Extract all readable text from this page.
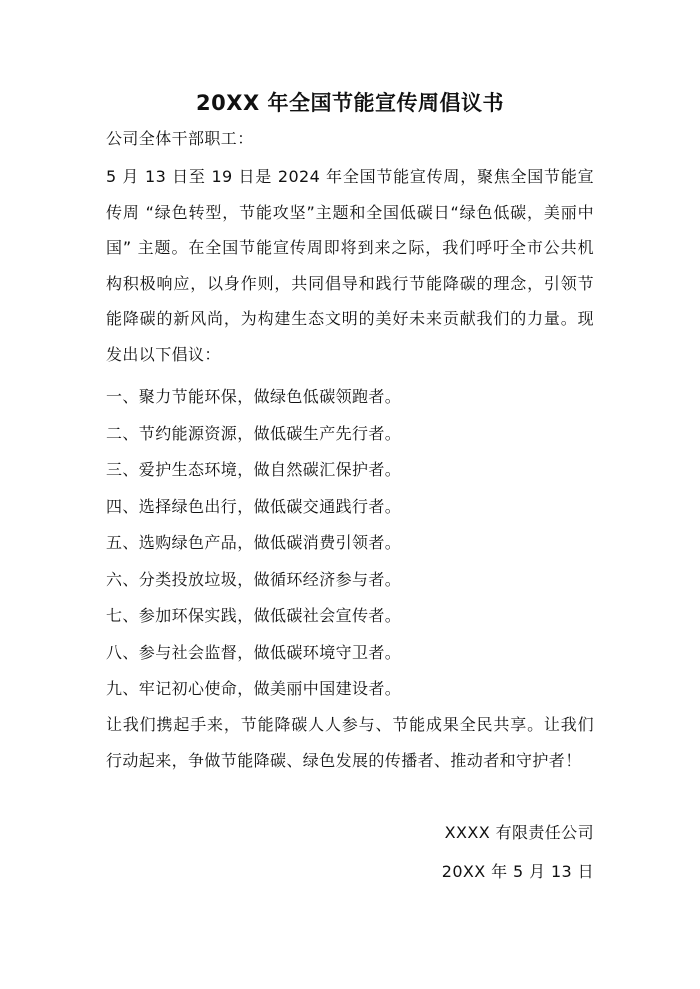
20XX 年全国节能宣传周倡议书
公司全体干部职工：
5 月 13 日至 19 日是 2024 年全国节能宣传周，聚焦全国节能宣传周 “绿色转型，节能攻坚”主题和全国低碳日“绿色低碳，美丽中国” 主题。在全国节能宣传周即将到来之际，我们呼吁全市公共机构积极响应，以身作则，共同倡导和践行节能降碳的理念，引领节能降碳的新风尚，为构建生态文明的美好未来贡献我们的力量。现发出以下倡议：
一、聚力节能环保，做绿色低碳领跑者。
二、节约能源资源，做低碳生产先行者。
三、爱护生态环境，做自然碳汇保护者。
四、选择绿色出行，做低碳交通践行者。
五、选购绿色产品，做低碳消费引领者。
六、分类投放垃圾，做循环经济参与者。
七、参加环保实践，做低碳社会宣传者。
八、参与社会监督，做低碳环境守卫者。
九、牢记初心使命，做美丽中国建设者。
让我们携起手来，节能降碳人人参与、节能成果全民共享。让我们行动起来，争做节能降碳、绿色发展的传播者、推动者和守护者！
XXXX 有限责任公司
20XX 年 5 月 13 日
